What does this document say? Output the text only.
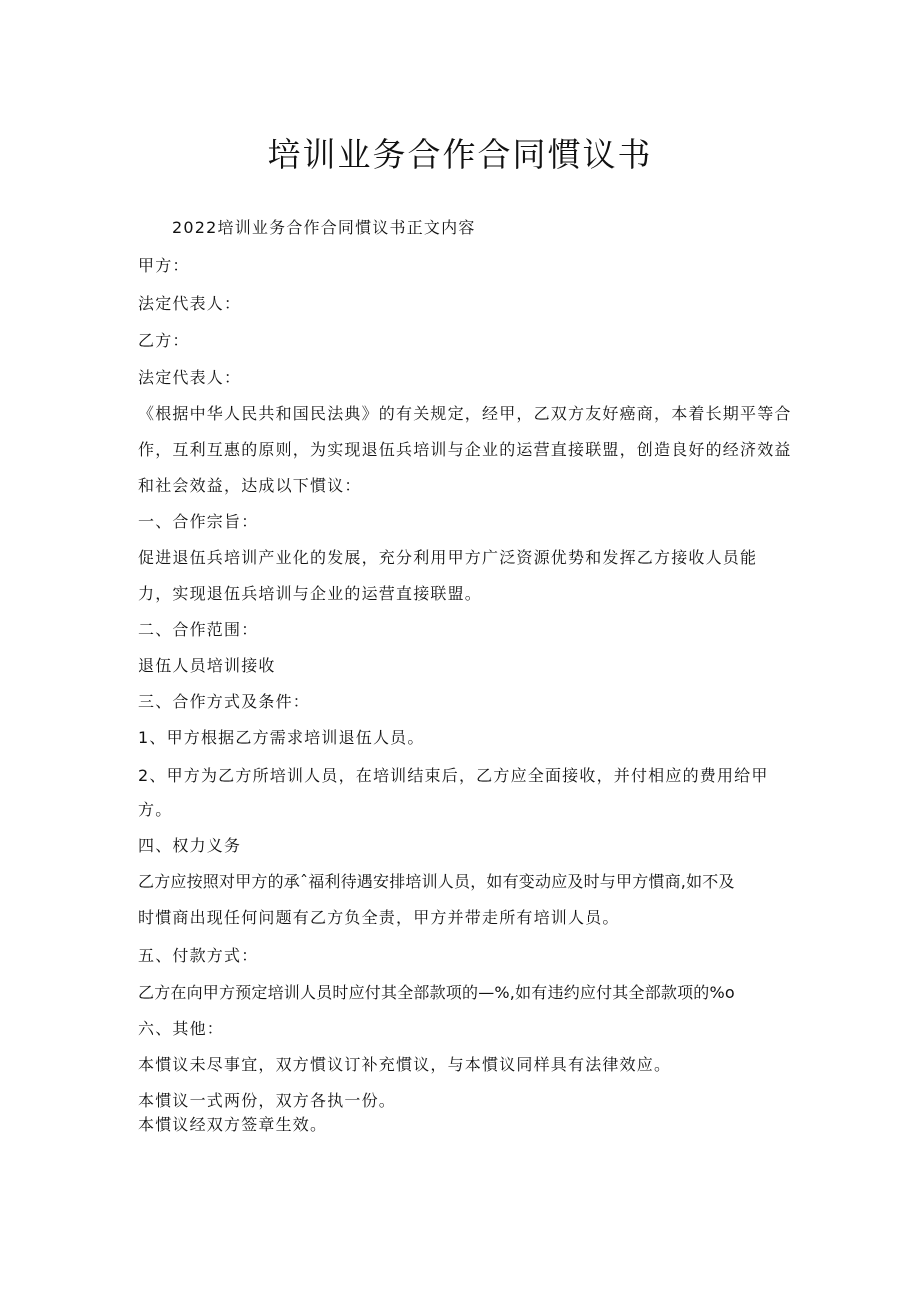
培训业务合作合同慣议书

2022培训业务合作合同慣议书正文内容

甲方：

法定代表人：

乙方：

法定代表人：

《根据中华人民共和国民法典》的有关规定，经甲，乙双方友好癌商，本着长期平等合

作，互利互惠的原则，为实现退伍兵培训与企业的运营直接联盟，创造良好的经济效益

和社会效益，达成以下慣议：

一、合作宗旨：

促进退伍兵培训产业化的发展，充分利用甲方广泛资源优势和发挥乙方接收人员能

力，实现退伍兵培训与企业的运营直接联盟。

二、合作范围：

退伍人员培训接收

三、合作方式及条件：

1、甲方根据乙方需求培训退伍人员。

2、甲方为乙方所培训人员，在培训结束后，乙方应全面接收，并付相应的费用给甲

方。

四、权力义务

乙方应按照对甲方的承ˆ福利待遇安排培训人员，如有变动应及时与甲方慣商,如不及

时慣商出现任何问题有乙方负全责，甲方并带走所有培训人员。

五、付款方式：

乙方在向甲方预定培训人员时应付其全部款项的—%,如有违约应付其全部款项的%o

六、其他：

本慣议未尽事宜，双方慣议订补充慣议，与本慣议同样具有法律效应。

本慣议一式两份，双方各执一份。

本慣议经双方签章生效。
